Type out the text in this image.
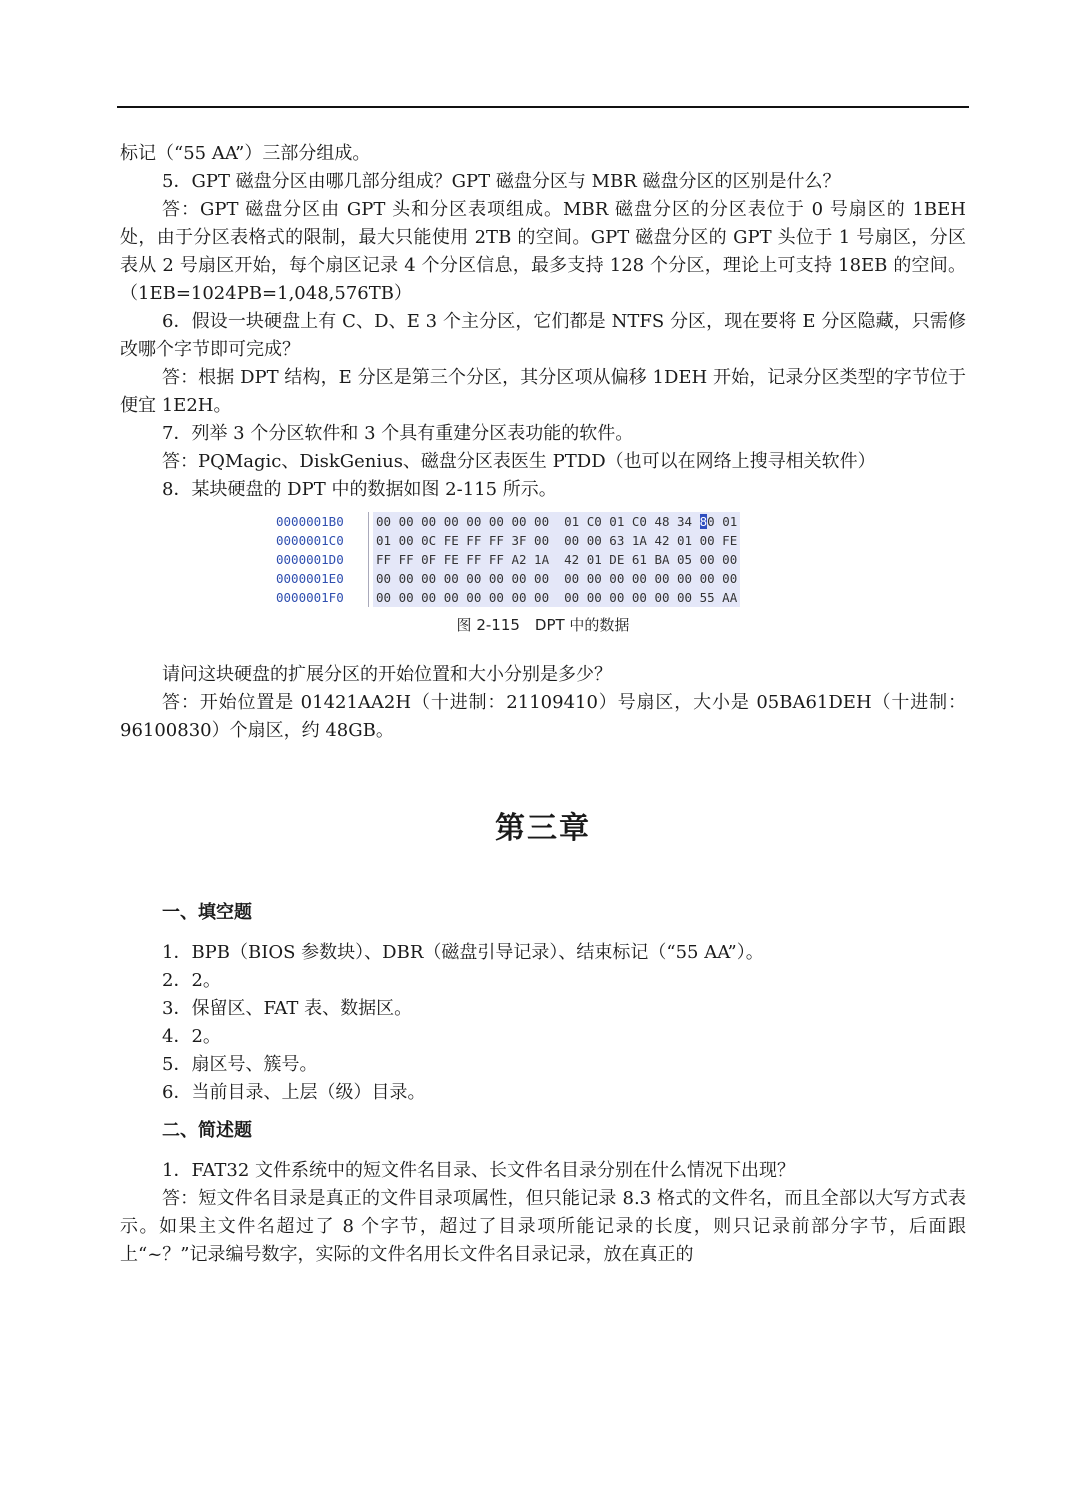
标记（“55 AA”）三部分组成。

5．GPT 磁盘分区由哪几部分组成？GPT 磁盘分区与 MBR 磁盘分区的区别是什么？

答：GPT 磁盘分区由 GPT 头和分区表项组成。MBR 磁盘分区的分区表位于 0 号扇区的 1BEH 处，由于分区表格式的限制，最大只能使用 2TB 的空间。GPT 磁盘分区的 GPT 头位于 1 号扇区，分区表从 2 号扇区开始，每个扇区记录 4 个分区信息，最多支持 128 个分区，理论上可支持 18EB 的空间。（1EB=1024PB=1,048,576TB）

6．假设一块硬盘上有 C、D、E 3 个主分区，它们都是 NTFS 分区，现在要将 E 分区隐藏，只需修改哪个字节即可完成？

答：根据 DPT 结构，E 分区是第三个分区，其分区项从偏移 1DEH 开始，记录分区类型的字节位于便宜 1E2H。

7．列举 3 个分区软件和 3 个具有重建分区表功能的软件。

答：PQMagic、DiskGenius、磁盘分区表医生 PTDD（也可以在网络上搜寻相关软件）

8．某块硬盘的 DPT 中的数据如图 2-115 所示。

0000001B0	00 00 00 00 00 00 00 00  01 C0 01 C0 48 34 80 01
0000001C0	01 00 0C FE FF FF 3F 00  00 00 63 1A 42 01 00 FE
0000001D0	FF FF 0F FE FF FF A2 1A  42 01 DE 61 BA 05 00 00
0000001E0	00 00 00 00 00 00 00 00  00 00 00 00 00 00 00 00
0000001F0	00 00 00 00 00 00 00 00  00 00 00 00 00 00 55 AA
图 2-115　DPT 中的数据

请问这块硬盘的扩展分区的开始位置和大小分别是多少？

答：开始位置是 01421AA2H（十进制：21109410）号扇区，大小是 05BA61DEH（十进制：96100830）个扇区，约 48GB。

第三章
一、填空题

1．BPB（BIOS 参数块）、DBR（磁盘引导记录）、结束标记（“55 AA”）。

2．2。

3．保留区、FAT 表、数据区。

4．2。

5．扇区号、簇号。

6．当前目录、上层（级）目录。

二、简述题

1．FAT32 文件系统中的短文件名目录、长文件名目录分别在什么情况下出现？

答：短文件名目录是真正的文件目录项属性，但只能记录 8.3 格式的文件名，而且全部以大写方式表示。如果主文件名超过了 8 个字节，超过了目录项所能记录的长度，则只记录前部分字节，后面跟上“~？”记录编号数字，实际的文件名用长文件名目录记录，放在真正的
